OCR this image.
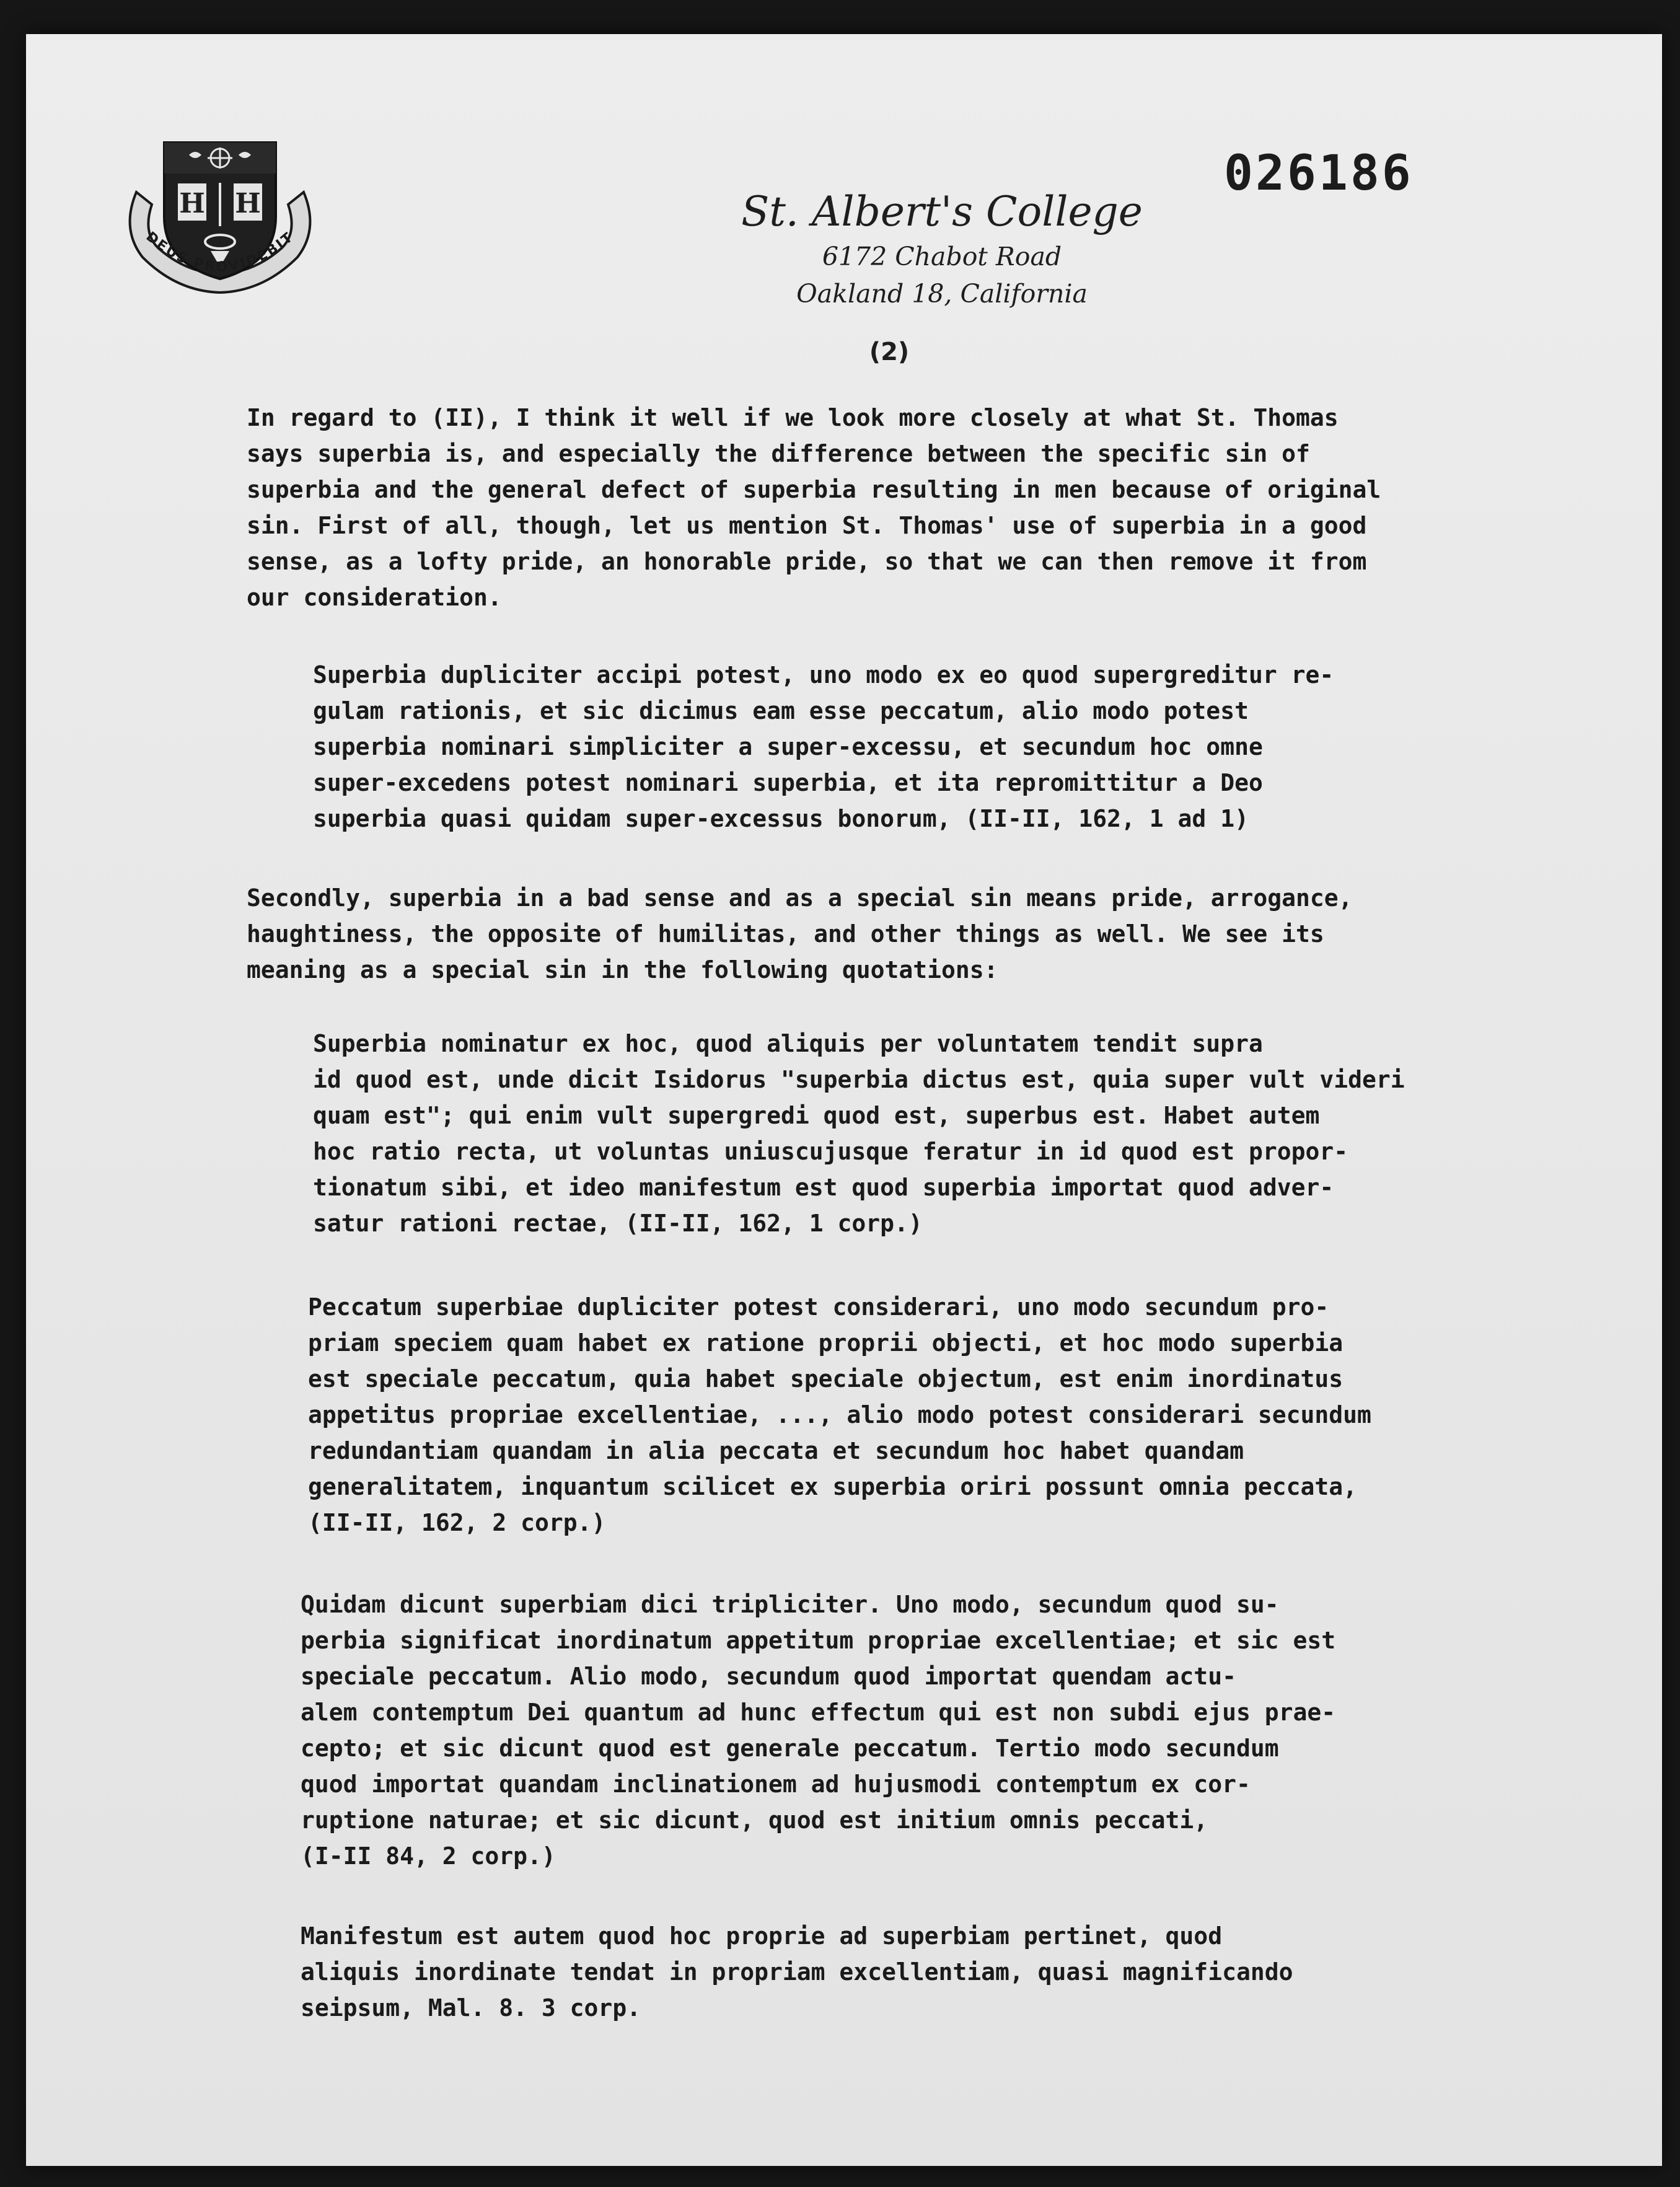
H H
DEUS PROVIDEBIT
026186
St. Albert's College
6172 Chabot Road
Oakland 18, California
(2)
In regard to (II), I think it well if we look more closely at what St. Thomas
says superbia is, and especially the difference between the specific sin of
superbia and the general defect of superbia resulting in men because of original
sin. First of all, though, let us mention St. Thomas' use of superbia in a good
sense, as a lofty pride, an honorable pride, so that we can then remove it from
our consideration.
Superbia dupliciter accipi potest, uno modo ex eo quod supergreditur re-
gulam rationis, et sic dicimus eam esse peccatum, alio modo potest
superbia nominari simpliciter a super-excessu, et secundum hoc omne
super-excedens potest nominari superbia, et ita repromittitur a Deo
superbia quasi quidam super-excessus bonorum, (II-II, 162, 1 ad 1)
Secondly, superbia in a bad sense and as a special sin means pride, arrogance,
haughtiness, the opposite of humilitas, and other things as well. We see its
meaning as a special sin in the following quotations:
Superbia nominatur ex hoc, quod aliquis per voluntatem tendit supra
id quod est, unde dicit Isidorus "superbia dictus est, quia super vult videri
quam est"; qui enim vult supergredi quod est, superbus est. Habet autem
hoc ratio recta, ut voluntas uniuscujusque feratur in id quod est propor-
tionatum sibi, et ideo manifestum est quod superbia importat quod adver-
satur rationi rectae, (II-II, 162, 1 corp.)
Peccatum superbiae dupliciter potest considerari, uno modo secundum pro-
priam speciem quam habet ex ratione proprii objecti, et hoc modo superbia
est speciale peccatum, quia habet speciale objectum, est enim inordinatus
appetitus propriae excellentiae, ..., alio modo potest considerari secundum
redundantiam quandam in alia peccata et secundum hoc habet quandam
generalitatem, inquantum scilicet ex superbia oriri possunt omnia peccata,
(II-II, 162, 2 corp.)
Quidam dicunt superbiam dici tripliciter. Uno modo, secundum quod su-
perbia significat inordinatum appetitum propriae excellentiae; et sic est
speciale peccatum. Alio modo, secundum quod importat quendam actu-
alem contemptum Dei quantum ad hunc effectum qui est non subdi ejus prae-
cepto; et sic dicunt quod est generale peccatum. Tertio modo secundum
quod importat quandam inclinationem ad hujusmodi contemptum ex cor-
ruptione naturae; et sic dicunt, quod est initium omnis peccati,
(I-II 84, 2 corp.)
Manifestum est autem quod hoc proprie ad superbiam pertinet, quod
aliquis inordinate tendat in propriam excellentiam, quasi magnificando
seipsum, Mal. 8. 3 corp.
